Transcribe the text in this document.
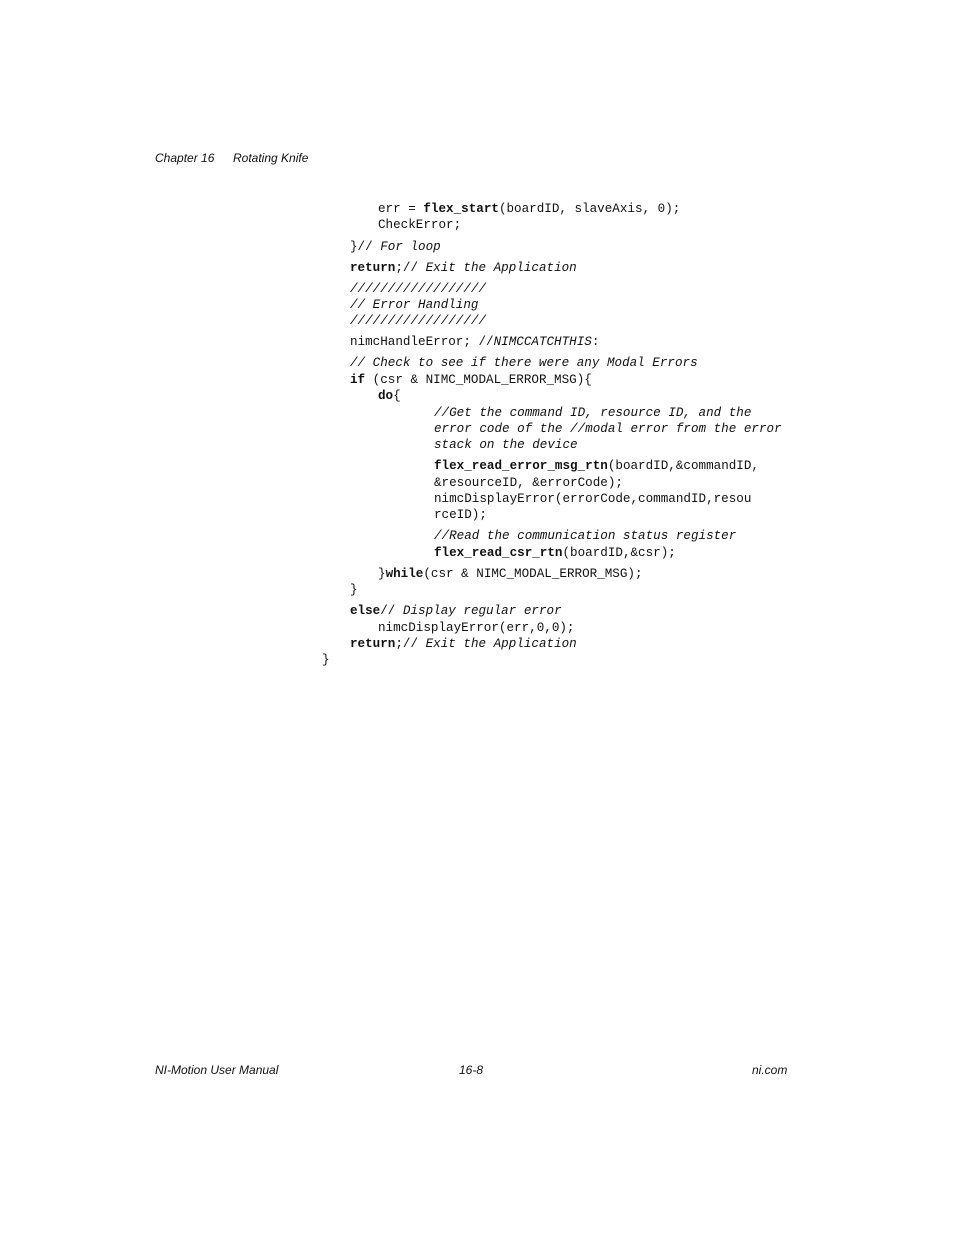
Chapter 16 Rotating Knife
err = flex_start(boardID, slaveAxis, 0);
CheckError;
}// For loop
return;// Exit the Application
//////////////////
// Error Handling
//////////////////
nimcHandleError; //NIMCCATCHTHIS:
// Check to see if there were any Modal Errors
if (csr & NIMC_MODAL_ERROR_MSG){
do{
//Get the command ID, resource ID, and the
error code of the //modal error from the error
stack on the device
flex_read_error_msg_rtn(boardID,&commandID,
&resourceID, &errorCode);
nimcDisplayError(errorCode,commandID,resou
rceID);
//Read the communication status register
flex_read_csr_rtn(boardID,&csr);
}while(csr & NIMC_MODAL_ERROR_MSG);
}
else// Display regular error
nimcDisplayError(err,0,0);
return;// Exit the Application
}
NI-Motion User Manual	16-8	ni.com
